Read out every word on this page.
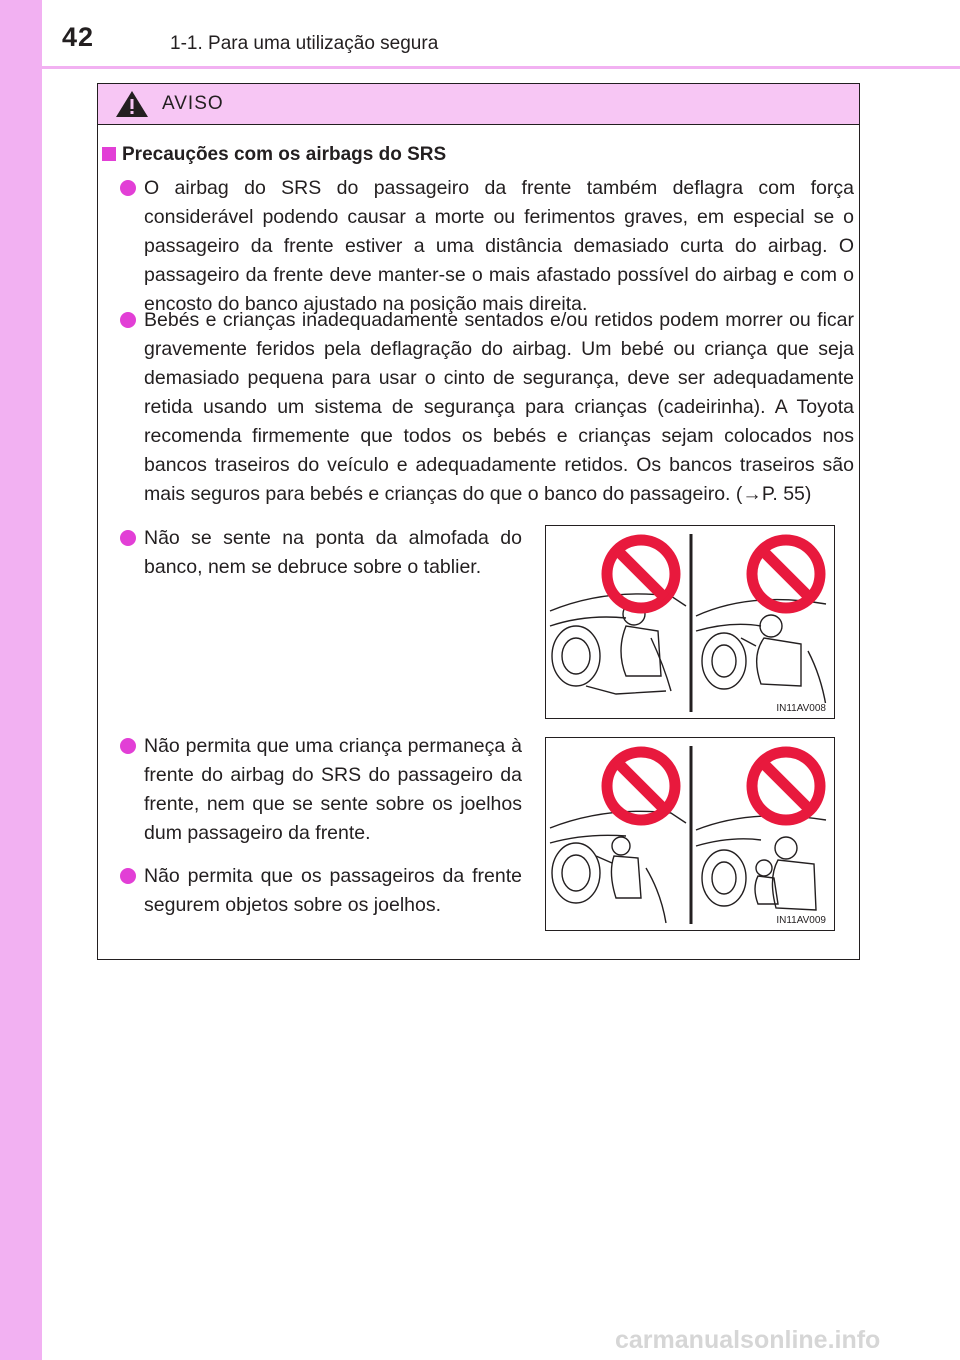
42	1-1. Para uma utilização segura
AVISO
Precauções com os airbags do SRS
O airbag do SRS do passageiro da frente também deflagra com força considerável podendo causar a morte ou ferimentos graves, em especial se o passageiro da frente estiver a uma distância demasiado curta do airbag. O passageiro da frente deve manter-se o mais afastado possível do airbag e com o encosto do banco ajustado na posição mais direita.
Bebés e crianças inadequadamente sentados e/ou retidos podem morrer ou ficar gravemente feridos pela deflagração do airbag. Um bebé ou criança que seja demasiado pequena para usar o cinto de segurança, deve ser adequadamente retida usando um sistema de segurança para crianças (cadeirinha). A Toyota recomenda firmemente que todos os bebés e crianças sejam colocados nos bancos traseiros do veículo e adequadamente retidos. Os bancos traseiros são mais seguros para bebés e crianças do que o banco do passageiro. (→P. 55)
Não se sente na ponta da almofada do banco, nem se debruce sobre o tablier.
Não permita que uma criança permaneça à frente do airbag do SRS do passageiro da frente, nem que se sente sobre os joelhos dum passageiro da frente.
Não permita que os passageiros da frente segurem objetos sobre os joelhos.
IN11AV008
IN11AV009
carmanualsonline.info
